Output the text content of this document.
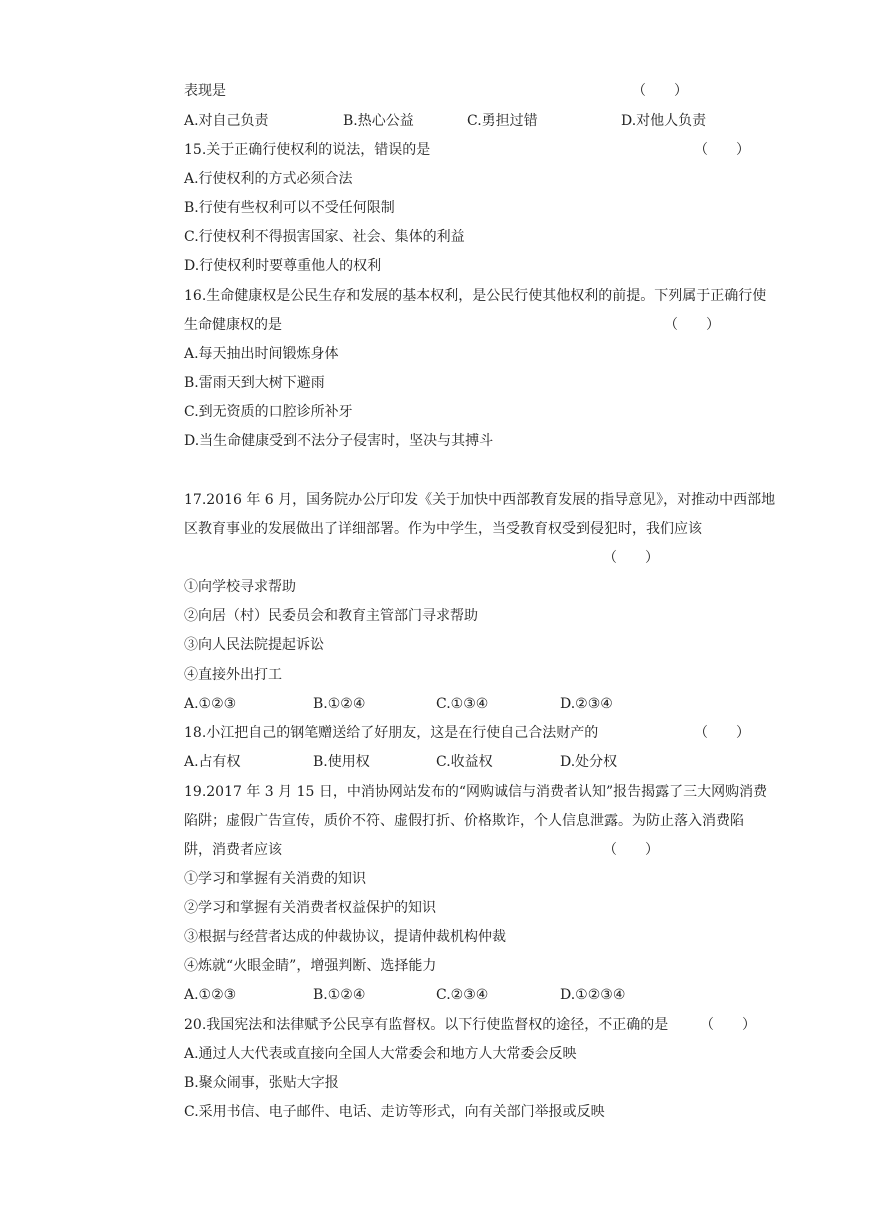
表现是	（　　）
A.对自己负责	B.热心公益	C.勇担过错	D.对他人负责
15.关于正确行使权利的说法，错误的是	（　　）
A.行使权利的方式必须合法
B.行使有些权利可以不受任何限制
C.行使权利不得损害国家、社会、集体的利益
D.行使权利时要尊重他人的权利
16.生命健康权是公民生存和发展的基本权利，是公民行使其他权利的前提。下列属于正确行使
生命健康权的是	（　　）
A.每天抽出时间锻炼身体
B.雷雨天到大树下避雨
C.到无资质的口腔诊所补牙
D.当生命健康受到不法分子侵害时，坚决与其搏斗
17.2016 年 6 月，国务院办公厅印发《关于加快中西部教育发展的指导意见》，对推动中西部地
区教育事业的发展做出了详细部署。作为中学生，当受教育权受到侵犯时，我们应该
（　　）
①向学校寻求帮助
②向居（村）民委员会和教育主管部门寻求帮助
③向人民法院提起诉讼
④直接外出打工
A.①②③	B.①②④	C.①③④	D.②③④
18.小江把自己的钢笔赠送给了好朋友，这是在行使自己合法财产的	（　　）
A.占有权	B.使用权	C.收益权	D.处分权
19.2017 年 3 月 15 日，中消协网站发布的“网购诚信与消费者认知”报告揭露了三大网购消费
陷阱；虚假广告宣传，质价不符、虚假打折、价格欺诈，个人信息泄露。为防止落入消费陷
阱，消费者应该	（　　）
①学习和掌握有关消费的知识
②学习和掌握有关消费者权益保护的知识
③根据与经营者达成的仲裁协议，提请仲裁机构仲裁
④炼就“火眼金睛”，增强判断、选择能力
A.①②③	B.①②④	C.②③④	D.①②③④
20.我国宪法和法律赋予公民享有监督权。以下行使监督权的途径，不正确的是 （　　）
A.通过人大代表或直接向全国人大常委会和地方人大常委会反映
B.聚众闹事，张贴大字报
C.采用书信、电子邮件、电话、走访等形式，向有关部门举报或反映
